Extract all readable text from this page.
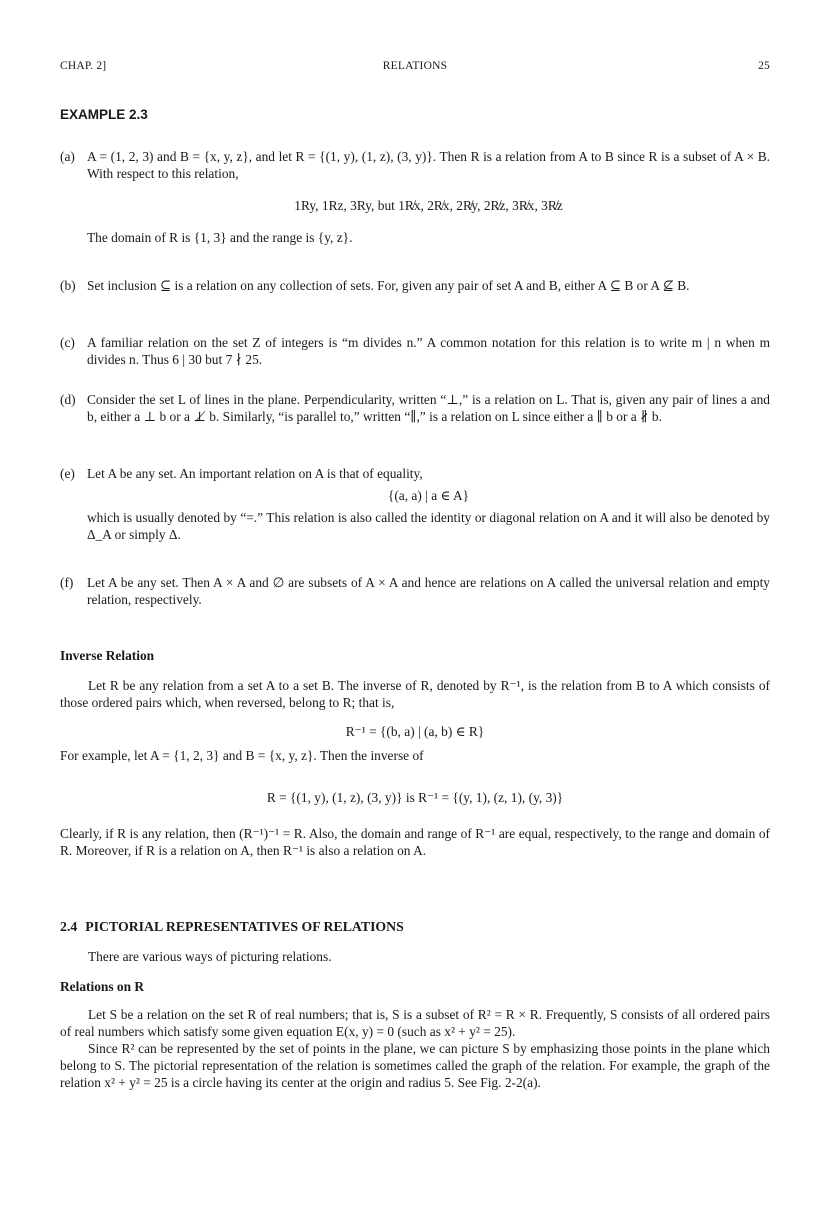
CHAP. 2]	RELATIONS	25
EXAMPLE 2.3
(a) A = (1, 2, 3) and B = {x, y, z}, and let R = {(1, y), (1, z), (3, y)}. Then R is a relation from A to B since R is a subset of A × B. With respect to this relation,
1Ry, 1Rz, 3Ry, but 1R̸x, 2R̸x, 2R̸y, 2R̸z, 3R̸x, 3R̸z
The domain of R is {1, 3} and the range is {y, z}.
(b) Set inclusion ⊆ is a relation on any collection of sets. For, given any pair of set A and B, either A ⊆ B or A ⊈ B.
(c) A familiar relation on the set Z of integers is “m divides n.” A common notation for this relation is to write m | n when m divides n. Thus 6 | 30 but 7 ∤ 25.
(d) Consider the set L of lines in the plane. Perpendicularity, written “⊥,” is a relation on L. That is, given any pair of lines a and b, either a ⊥ b or a ⊥̸ b. Similarly, “is parallel to,” written “∥,” is a relation on L since either a ∥ b or a ∦ b.
(e) Let A be any set. An important relation on A is that of equality,
{(a, a) | a ∈ A}
which is usually denoted by “=.” This relation is also called the identity or diagonal relation on A and it will also be denoted by Δ_A or simply Δ.
(f)	Let A be any set. Then A × A and ∅ are subsets of A × A and hence are relations on A called the universal relation and empty relation, respectively.
Inverse Relation
Let R be any relation from a set A to a set B. The inverse of R, denoted by R⁻¹, is the relation from B to A which consists of those ordered pairs which, when reversed, belong to R; that is,
R⁻¹ = {(b, a) | (a, b) ∈ R}
For example, let A = {1, 2, 3} and B = {x, y, z}. Then the inverse of
R = {(1, y), (1, z), (3, y)} is R⁻¹ = {(y, 1), (z, 1), (y, 3)}
Clearly, if R is any relation, then (R⁻¹)⁻¹ = R. Also, the domain and range of R⁻¹ are equal, respectively, to the range and domain of R. Moreover, if R is a relation on A, then R⁻¹ is also a relation on A.
2.4 PICTORIAL REPRESENTATIVES OF RELATIONS
There are various ways of picturing relations.
Relations on R
Let S be a relation on the set R of real numbers; that is, S is a subset of R² = R × R. Frequently, S consists of all ordered pairs of real numbers which satisfy some given equation E(x, y) = 0 (such as x² + y² = 25).
Since R² can be represented by the set of points in the plane, we can picture S by emphasizing those points in the plane which belong to S. The pictorial representation of the relation is sometimes called the graph of the relation. For example, the graph of the relation x² + y² = 25 is a circle having its center at the origin and radius 5. See Fig. 2-2(a).
